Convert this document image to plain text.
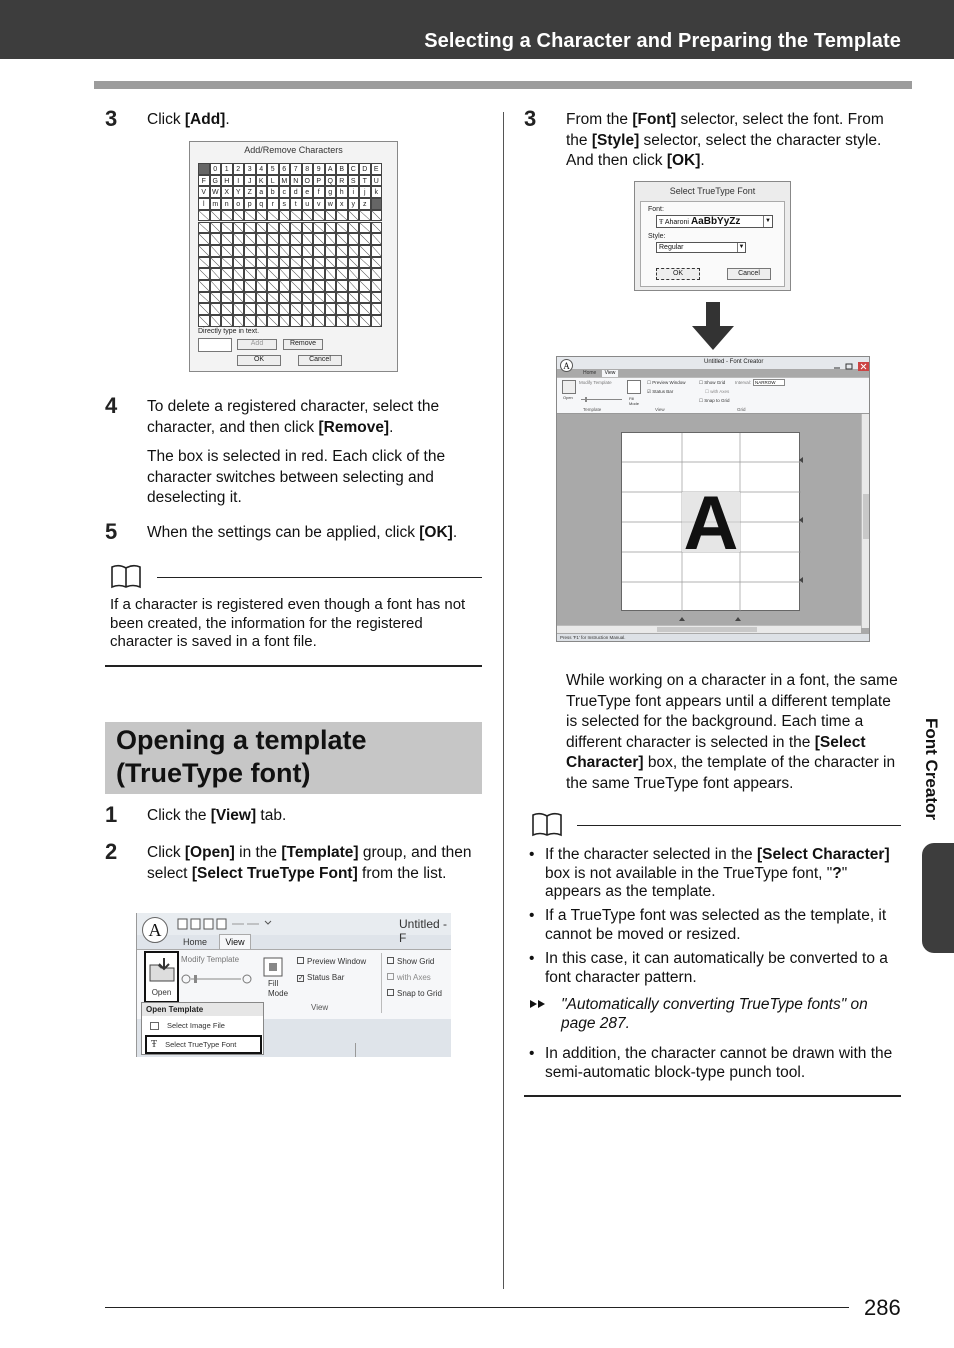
Selecting a Character and Preparing the Template
3 Click [Add].
Add/Remove Characters
0	1	2	3	4	5	6	7	8	9	A B C D E
F G H	I	J	K	L M N O P Q R S	T U
V W X Y	Z	a	b	c	d	e	f	g	h	i	j	k
l	m n	o	p	q	r	s	t	u	v	w	x	y	z
Directly type in text.
Add	Remove
OK	Cancel
4 To delete a registered character, select the character, and then click [Remove].
The box is selected in red. Each click of the character switches between selecting and deselecting it.
5 When the settings can be applied, click [OK].
If a character is registered even though a font has not been created, the information for the registered character is saved in a font file.
Opening a template
(TrueType font)
1 Click the [View] tab.
2 Click [Open] in the [Template] group, and then select [Select TrueType Font] from the list.
A	Untitled - F
Home	View
Open
Modify Template
Fill
Mode
Preview Window
✓ Status Bar
View
Show Grid
with Axes
Snap to Grid
Open Template
Select Image File
Ŧ Select TrueType Font
3 From the [Font] selector, select the font. From the [Style] selector, select the character style. And then click [OK].
Select TrueType Font
Font:
Ŧ Aharoni AaBbYyZz	▼
Style:
Regular	▼
OK	Cancel
A	Untitled - Font Creator
Home	View
Open
Modify Template
Fill Mode
☐ Preview Window
☑ Status Bar
☐ Show Grid Interval: NARROW
☐ with Axes
☐ Snap to Grid
Template	View	Grid
A
Press 'F1' for Instruction Manual.
While working on a character in a font, the same TrueType font appears until a different template is selected for the background. Each time a different character is selected in the [Select Character] box, the template of the character in the same TrueType font appears.
• If the character selected in the [Select Character] box is not available in the TrueType font, "?" appears as the template.
• If a TrueType font was selected as the template, it cannot be moved or resized.
• In this case, it can automatically be converted to a font character pattern.
"Automatically converting TrueType fonts" on page 287.
• In addition, the character cannot be drawn with the semi-automatic block-type punch tool.
Font Creator
286
